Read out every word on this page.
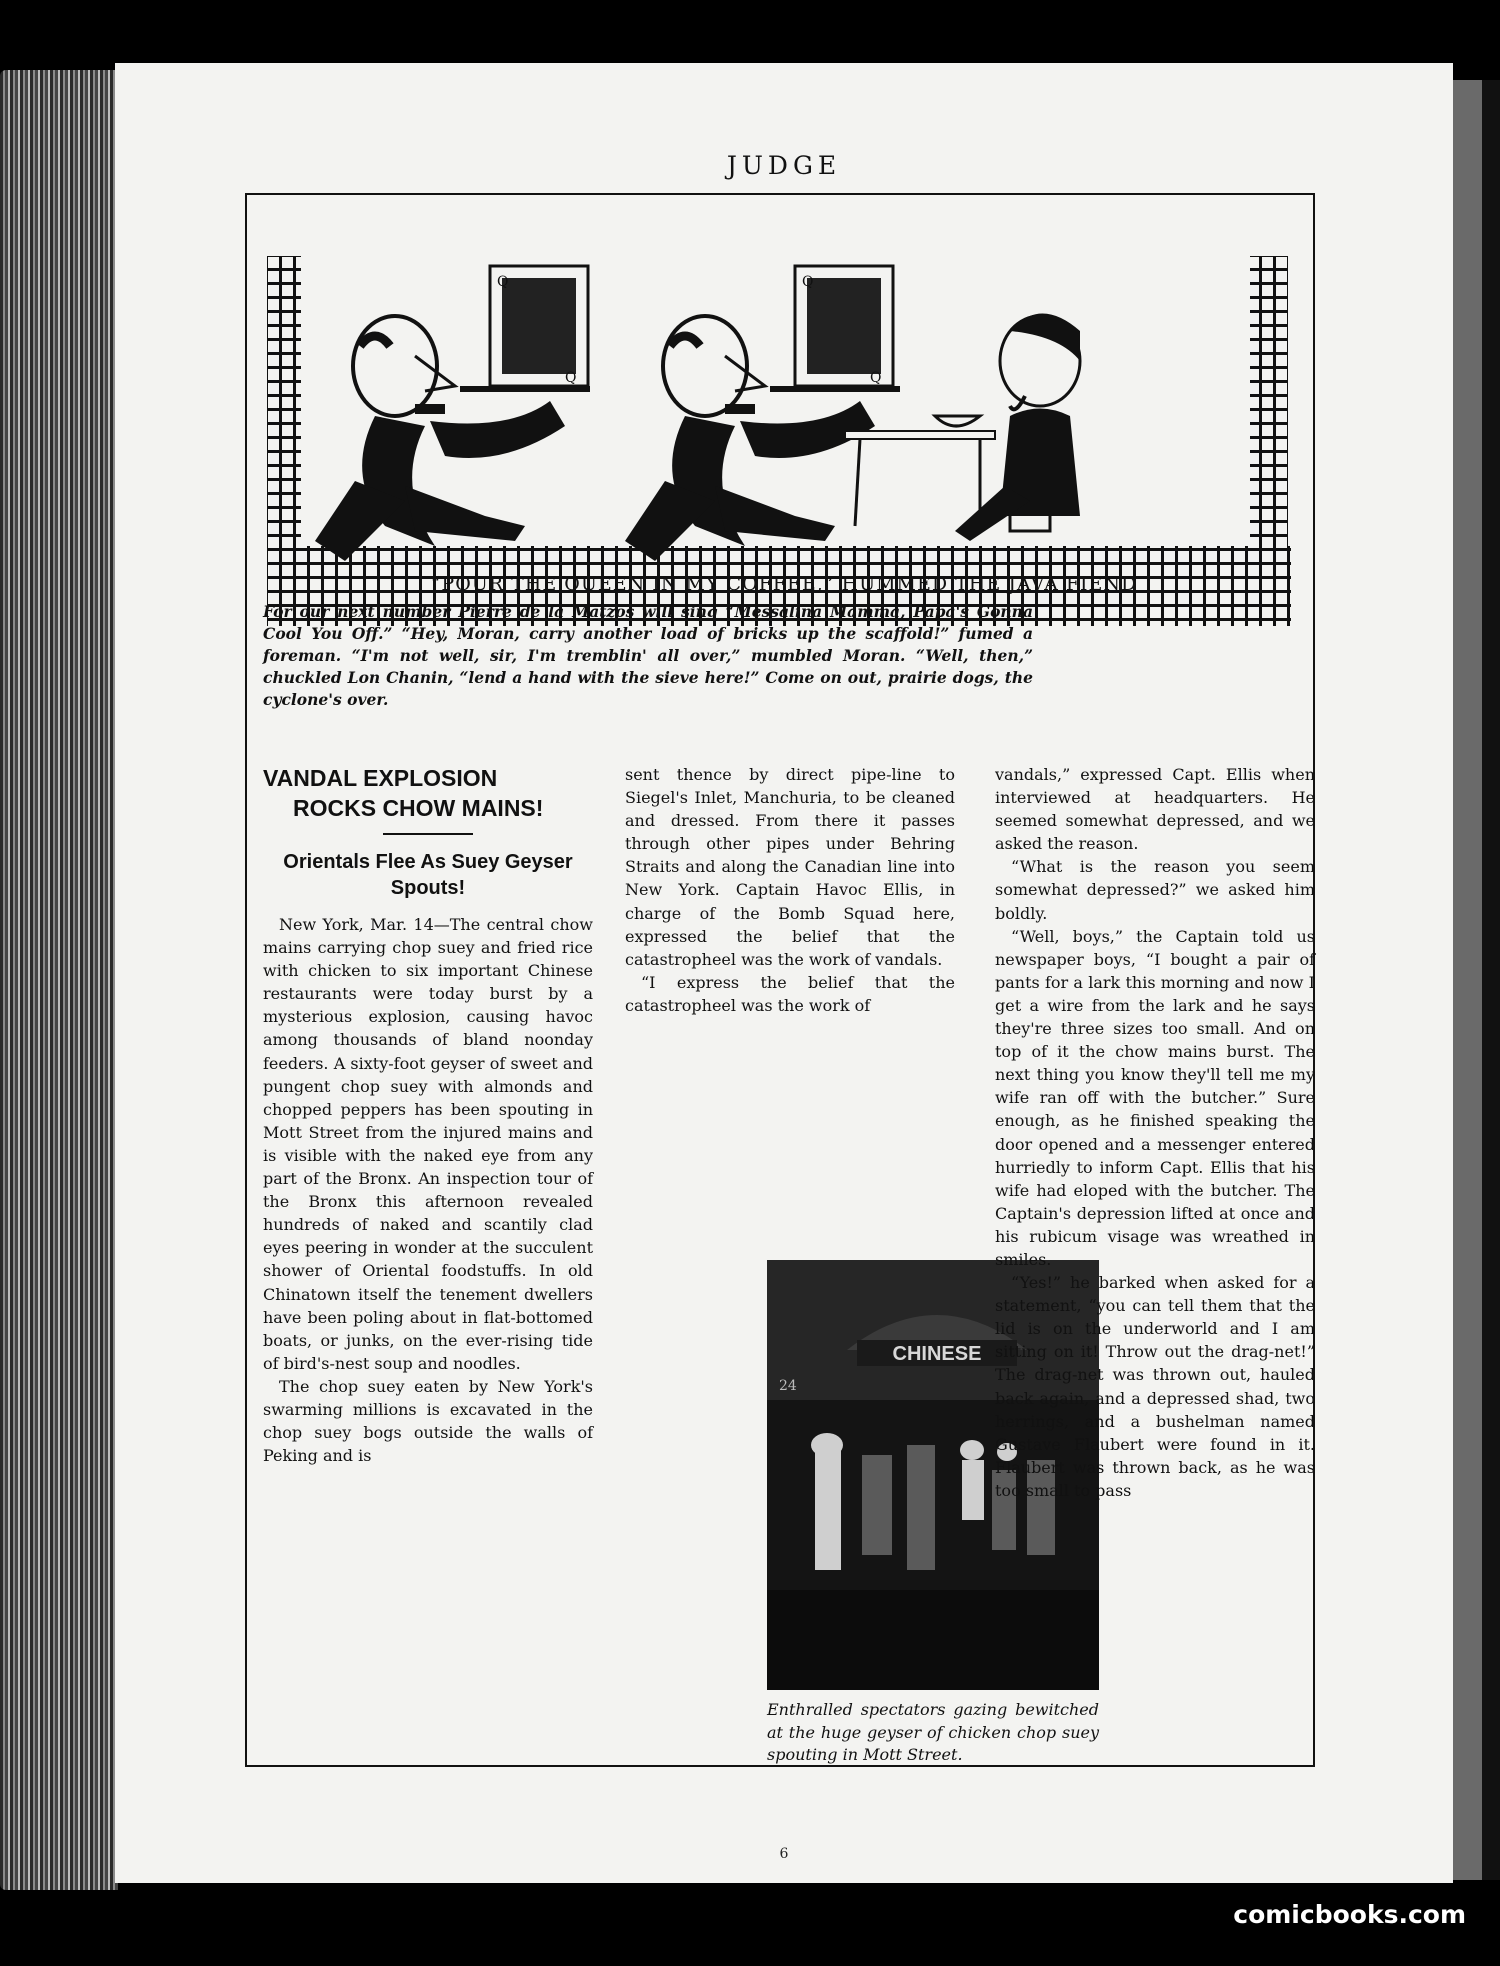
JUDGE
Q
Q
Q
Q
“POUR THE QUEEN IN MY COFFEE,” HUMMED THE JAVA FIEND
For our next number Pierre de la Matzos will sing “Messalina Mamma, Papa's Gonna Cool You Off.” “Hey, Moran, carry another load of bricks up the scaffold!” fumed a foreman. “I'm not well, sir, I'm tremblin' all over,” mumbled Moran. “Well, then,” chuckled Lon Chanin, “lend a hand with the sieve here!” Come on out, prairie dogs, the cyclone's over.
VANDAL EXPLOSION
ROCKS CHOW MAINS!
Orientals Flee As Suey Geyser Spouts!

New York, Mar. 14—The central chow mains carrying chop suey and fried rice with chicken to six important Chinese restaurants were today burst by a mysterious explosion, causing havoc among thousands of bland noonday feeders. A sixty-foot geyser of sweet and pungent chop suey with almonds and chopped peppers has been spouting in Mott Street from the injured mains and is visible with the naked eye from any part of the Bronx. An inspection tour of the Bronx this afternoon revealed hundreds of naked and scantily clad eyes peering in wonder at the succulent shower of Oriental foodstuffs. In old Chinatown itself the tenement dwellers have been poling about in flat-bottomed boats, or junks, on the ever-rising tide of bird's-nest soup and noodles.

The chop suey eaten by New York's swarming millions is excavated in the chop suey bogs outside the walls of Peking and is

sent thence by direct pipe-line to Siegel's Inlet, Manchuria, to be cleaned and dressed. From there it passes through other pipes under Behring Straits and along the Canadian line into New York. Captain Havoc Ellis, in charge of the Bomb Squad here, expressed the belief that the catastropheel was the work of vandals.

“I express the belief that the catastropheel was the work of

CHINESE
24
Enthralled spectators gazing bewitched at the huge geyser of chicken chop suey spouting in Mott Street.

vandals,” expressed Capt. Ellis when interviewed at headquarters. He seemed somewhat depressed, and we asked the reason.

“What is the reason you seem somewhat depressed?” we asked him boldly.

“Well, boys,” the Captain told us newspaper boys, “I bought a pair of pants for a lark this morning and now I get a wire from the lark and he says they're three sizes too small. And on top of it the chow mains burst. The next thing you know they'll tell me my wife ran off with the butcher.” Sure enough, as he finished speaking the door opened and a messenger entered hurriedly to inform Capt. Ellis that his wife had eloped with the butcher. The Captain's depression lifted at once and his rubicum visage was wreathed in smiles.

“Yes!” he barked when asked for a statement, “you can tell them that the lid is on the underworld and I am sitting on it! Throw out the drag-net!” The drag-net was thrown out, hauled back again, and a depressed shad, two herrings, and a bushelman named Gustave Flaubert were found in it. Flaubert was thrown back, as he was too small to pass

6
comicbooks.com
